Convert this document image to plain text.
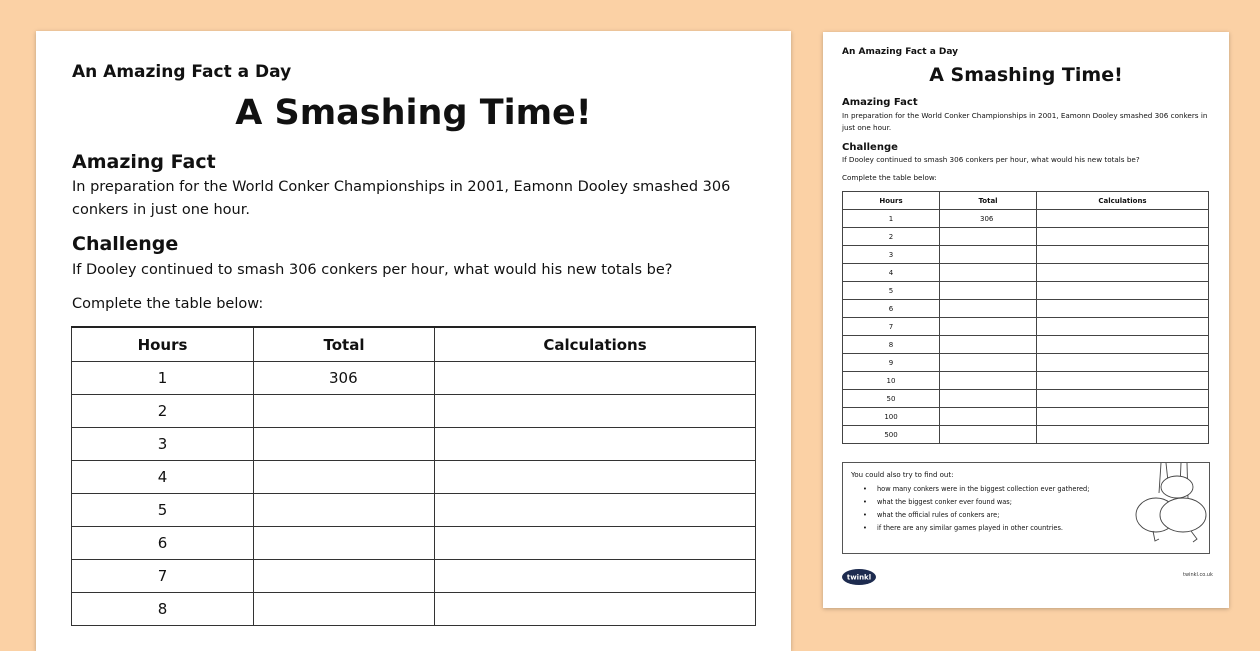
An Amazing Fact a Day
A Smashing Time!
Amazing Fact
In preparation for the World Conker Championships in 2001, Eamonn Dooley smashed 306 conkers in just one hour.
Challenge
If Dooley continued to smash 306 conkers per hour, what would his new totals be?
Complete the table below:
Hours	Total	Calculations
1	306	
2		
3		
4		
5		
6		
7		
8		
An Amazing Fact a Day
A Smashing Time!
Amazing Fact
In preparation for the World Conker Championships in 2001, Eamonn Dooley smashed 306 conkers in just one hour.
Challenge
If Dooley continued to smash 306 conkers per hour, what would his new totals be?
Complete the table below:
Hours	Total	Calculations
1	306	
2		
3		
4		
5		
6		
7		
8		
9		
10		
50		
100		
500		
You could also try to find out:
• how many conkers were in the biggest collection ever gathered;
• what the biggest conker ever found was;
• what the official rules of conkers are;
• if there are any similar games played in other countries.
twinkl	twinkl.co.uk
